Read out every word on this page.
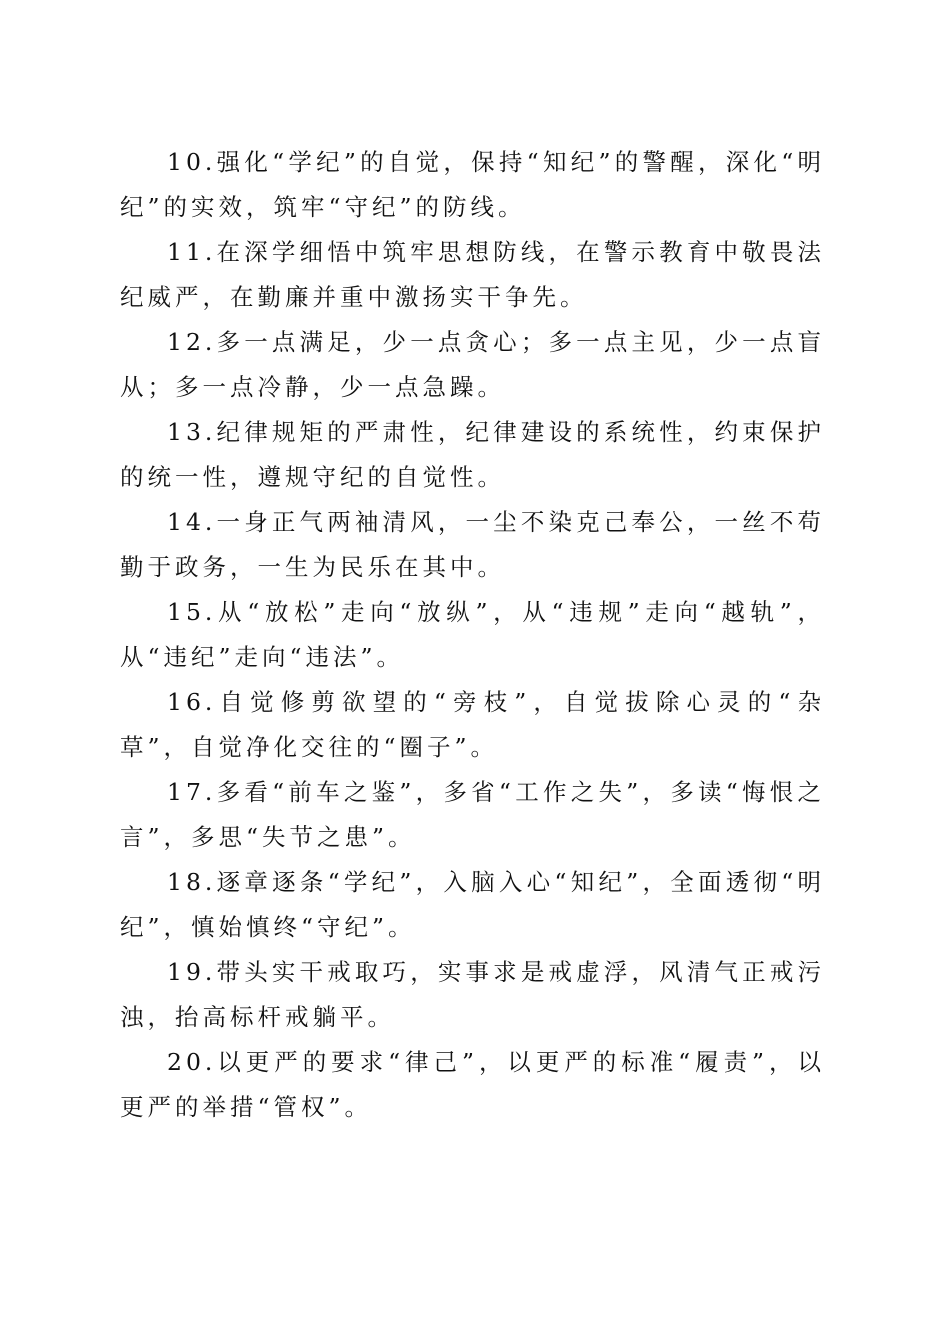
10.强化“学纪”的自觉，保持“知纪”的警醒，深化“明纪”的实效，筑牢“守纪”的防线。

11.在深学细悟中筑牢思想防线，在警示教育中敬畏法纪威严，在勤廉并重中激扬实干争先。

12.多一点满足，少一点贪心；多一点主见，少一点盲从；多一点冷静，少一点急躁。

13.纪律规矩的严肃性，纪律建设的系统性，约束保护的统一性，遵规守纪的自觉性。

14.一身正气两袖清风，一尘不染克己奉公，一丝不苟勤于政务，一生为民乐在其中。

15.从“放松”走向“放纵”，从“违规”走向“越轨”，从“违纪”走向“违法”。

16.自觉修剪欲望的“旁枝”，自觉拔除心灵的“杂草”，自觉净化交往的“圈子”。

17.多看“前车之鉴”，多省“工作之失”，多读“悔恨之言”，多思“失节之患”。

18.逐章逐条“学纪”，入脑入心“知纪”，全面透彻“明纪”，慎始慎终“守纪”。

19.带头实干戒取巧，实事求是戒虚浮，风清气正戒污浊，抬高标杆戒躺平。

20.以更严的要求“律己”，以更严的标准“履责”，以更严的举措“管权”。
